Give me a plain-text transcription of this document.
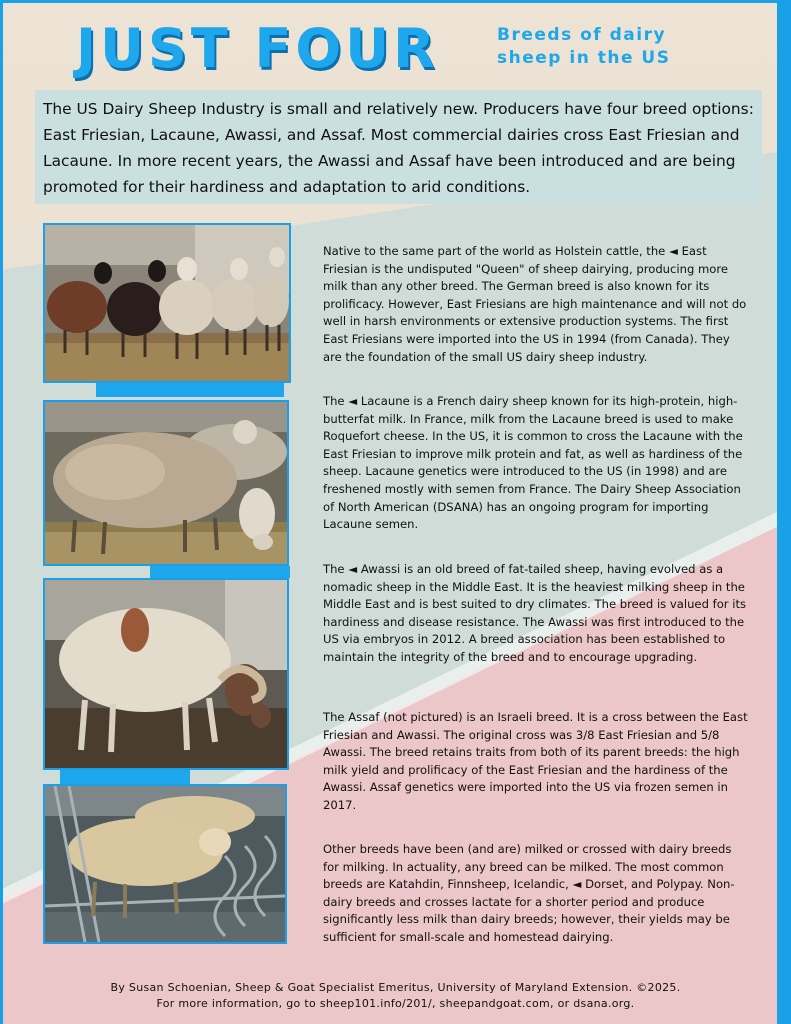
JUST FOUR	Breeds of dairy
sheep in the US
The US Dairy Sheep Industry is small and relatively new. Producers have four breed options: East Friesian, Lacaune, Awassi, and Assaf. Most commercial dairies cross East Friesian and Lacaune. In more recent years, the Awassi and Assaf have been introduced and are being promoted for their hardiness and adaptation to arid conditions.
Native to the same part of the world as Holstein cattle, the ◄ East Friesian is the undisputed "Queen" of sheep dairying, producing more milk than any other breed. The German breed is also known for its prolificacy. However, East Friesians are high maintenance and will not do well in harsh environments or extensive production systems. The first East Friesians were imported into the US in 1994 (from Canada). They are the foundation of the small US dairy sheep industry.
The ◄ Lacaune is a French dairy sheep known for its high-protein, high-butterfat milk. In France, milk from the Lacaune breed is used to make Roquefort cheese. In the US, it is common to cross the Lacaune with the East Friesian to improve milk protein and fat, as well as hardiness of the sheep. Lacaune genetics were introduced to the US (in 1998) and are freshened mostly with semen from France. The Dairy Sheep Association of North American (DSANA) has an ongoing program for importing Lacaune semen.
The ◄ Awassi is an old breed of fat-tailed sheep, having evolved as a nomadic sheep in the Middle East. It is the heaviest milking sheep in the Middle East and is best suited to dry climates. The breed is valued for its hardiness and disease resistance. The Awassi was first introduced to the US via embryos in 2012. A breed association has been established to maintain the integrity of the breed and to encourage upgrading.
The Assaf (not pictured) is an Israeli breed. It is a cross between the East Friesian and Awassi. The original cross was 3/8 East Friesian and 5/8 Awassi. The breed retains traits from both of its parent breeds: the high milk yield and prolificacy of the East Friesian and the hardiness of the Awassi. Assaf genetics were imported into the US via frozen semen in 2017.
Other breeds have been (and are) milked or crossed with dairy breeds for milking. In actuality, any breed can be milked. The most common breeds are Katahdin, Finnsheep, Icelandic, ◄ Dorset, and Polypay. Non-dairy breeds and crosses lactate for a shorter period and produce significantly less milk than dairy breeds; however, their yields may be sufficient for small-scale and homestead dairying.
By Susan Schoenian, Sheep & Goat Specialist Emeritus, University of Maryland Extension. ©2025.
For more information, go to sheep101.info/201/, sheepandgoat.com, or dsana.org.
